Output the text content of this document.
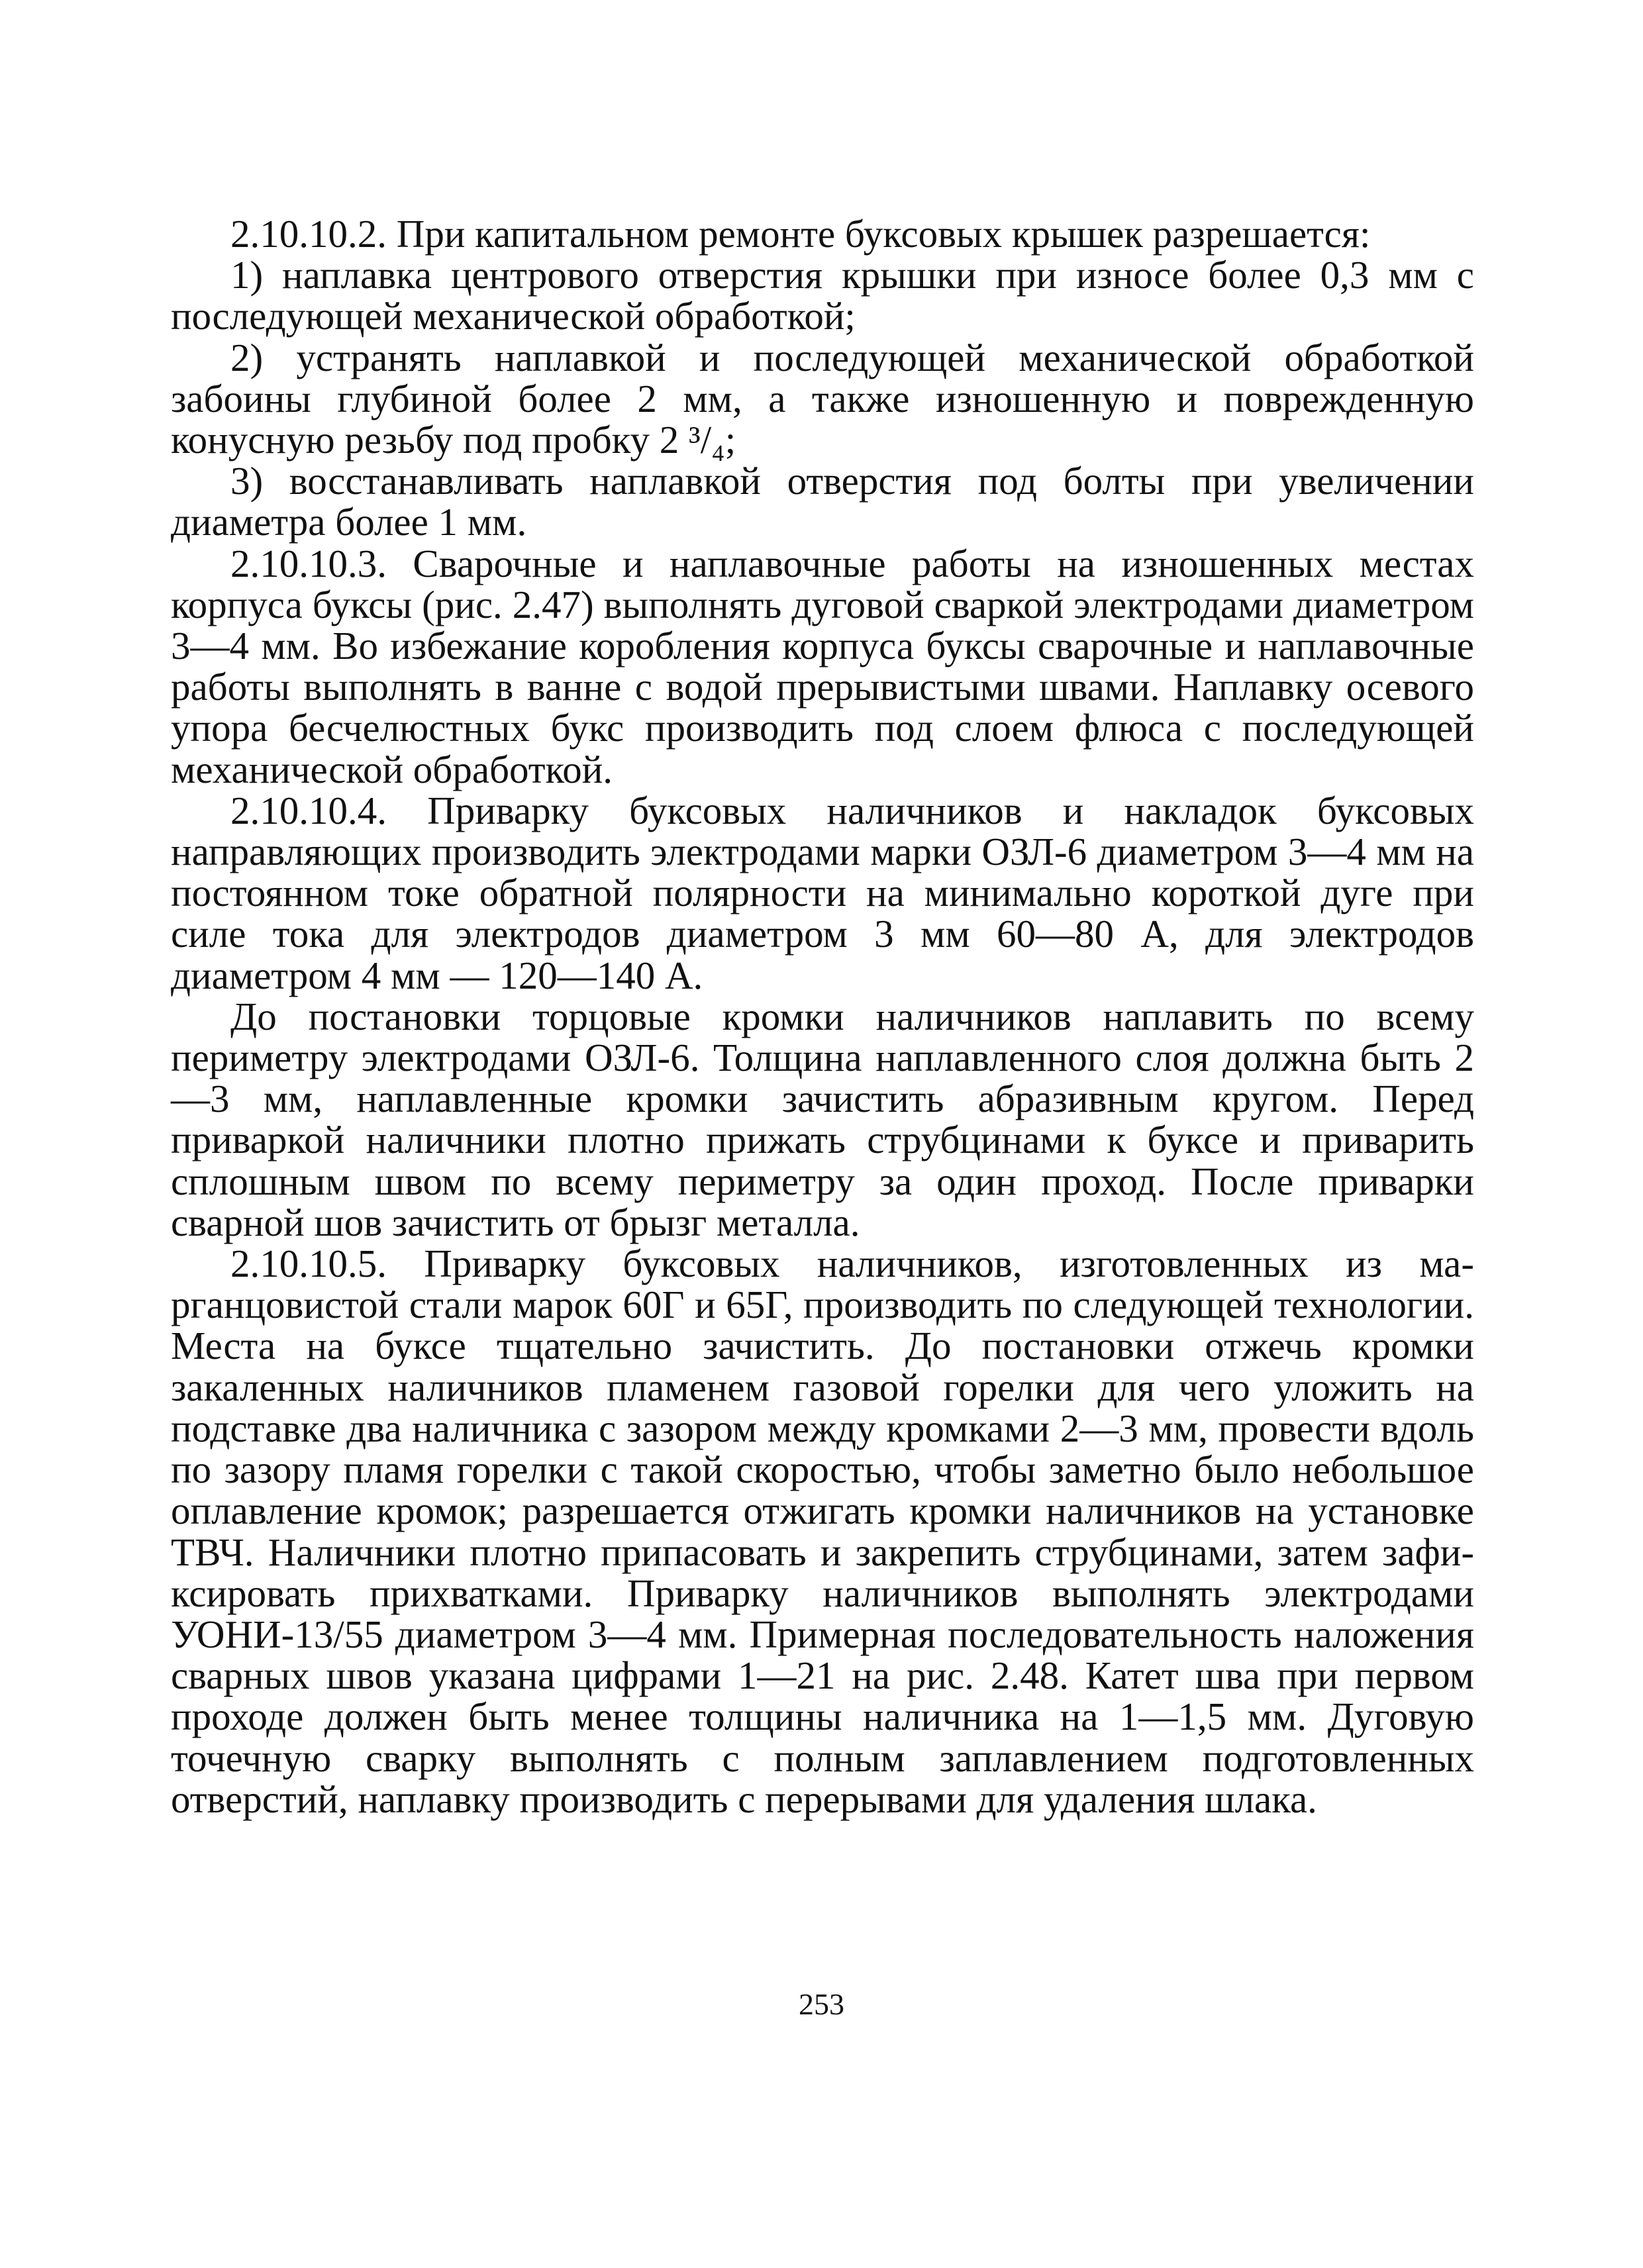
2.10.10.2. При капитальном ремонте буксовых крышек разрешается:

1) наплавка центрового отверстия крышки при износе более 0,3 мм с последующей механической обработкой;

2) устранять наплавкой и последующей механической обработкой забоины глубиной более 2 мм, а также изношенную и поврежденную конусную резьбу под пробку 2 ³/₄;

3) восстанавливать наплавкой отверстия под болты при увеличении диаметра более 1 мм.

2.10.10.3. Сварочные и наплавочные работы на изношенных местах корпуса буксы (рис. 2.47) выполнять дуговой сваркой электродами диаметром 3—4 мм. Во избежание коробления корпуса буксы сварочные и наплавочные работы выполнять в ванне с водой прерывистыми швами. Наплавку осевого упора бесчелюстных букс производить под слоем флюса с последующей механической обработкой.

2.10.10.4. Приварку буксовых наличников и накладок буксовых направляющих производить электродами марки ОЗЛ-6 диаметром 3—4 мм на постоянном токе обратной полярности на минимально короткой дуге при силе тока для электродов диаметром 3 мм 60—80 А, для электродов диаметром 4 мм — 120—140 А.

До постановки торцовые кромки наличников наплавить по всему периметру электродами ОЗЛ-6. Толщина наплавленного слоя должна быть 2—3 мм, наплавленные кромки зачистить абразивным кругом. Перед приваркой наличники плотно прижать струбцинами к буксе и приварить сплошным швом по всему периметру за один проход. После приварки сварной шов зачистить от брызг металла.

2.10.10.5. Приварку буксовых наличников, изготовленных из марганцовистой стали марок 60Г и 65Г, производить по следующей технологии. Места на буксе тщательно зачистить. До постановки отжечь кромки закаленных наличников пламенем газовой горелки для чего уложить на подставке два наличника с зазором между кромками 2—3 мм, провести вдоль по зазору пламя горелки с такой скоростью, чтобы заметно было небольшое оплавление кромок; разрешается отжигать кромки наличников на установке ТВЧ. Наличники плотно припасовать и закрепить струбцинами, затем зафиксировать прихватками. Приварку наличников выполнять электродами УОНИ-13/55 диаметром 3—4 мм. Примерная последовательность наложения сварных швов указана цифрами 1—21 на рис. 2.48. Катет шва при первом проходе должен быть менее толщины наличника на 1—1,5 мм. Дуговую точечную сварку выполнять с полным заплавлением подготовленных отверстий, наплавку производить с перерывами для удаления шлака.

253
